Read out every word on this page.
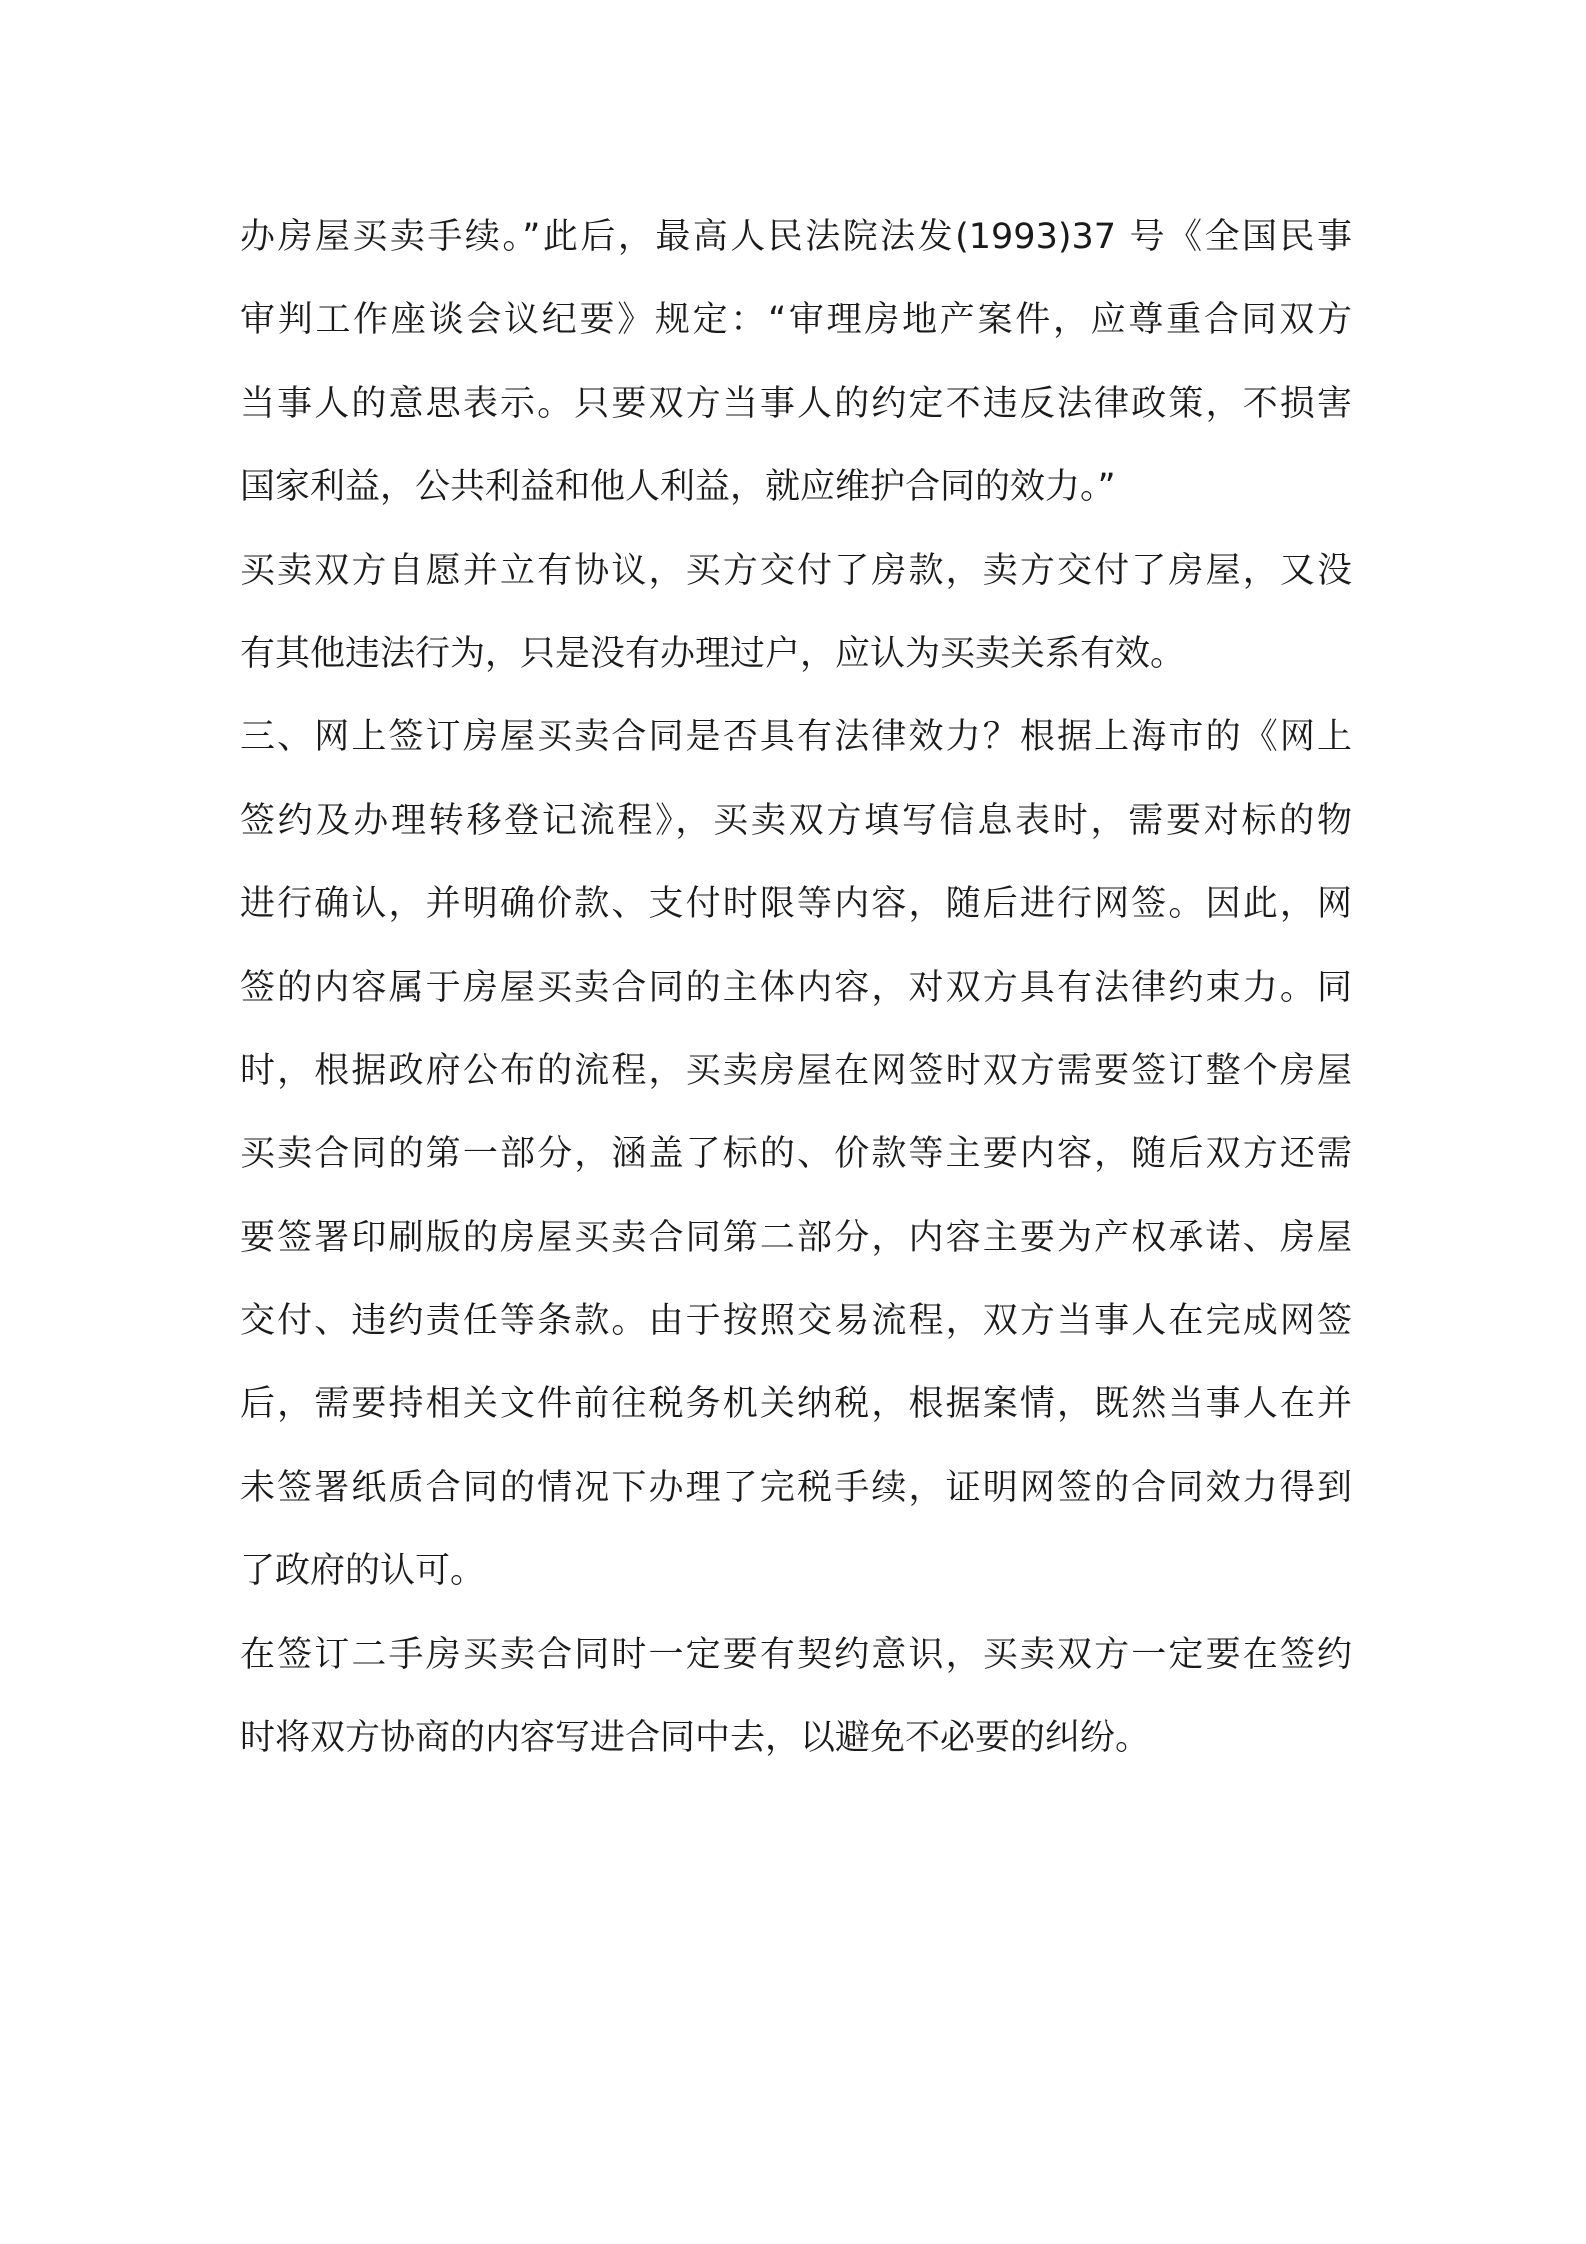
办房屋买卖手续。”此后，最高人民法院法发(1993)37 号《全国民事
审判工作座谈会议纪要》规定：“审理房地产案件，应尊重合同双方
当事人的意思表示。只要双方当事人的约定不违反法律政策，不损害
国家利益，公共利益和他人利益，就应维护合同的效力。”
买卖双方自愿并立有协议，买方交付了房款，卖方交付了房屋，又没
有其他违法行为，只是没有办理过户，应认为买卖关系有效。
三、网上签订房屋买卖合同是否具有法律效力？根据上海市的《网上
签约及办理转移登记流程》，买卖双方填写信息表时，需要对标的物
进行确认，并明确价款、支付时限等内容，随后进行网签。因此，网
签的内容属于房屋买卖合同的主体内容，对双方具有法律约束力。同
时，根据政府公布的流程，买卖房屋在网签时双方需要签订整个房屋
买卖合同的第一部分，涵盖了标的、价款等主要内容，随后双方还需
要签署印刷版的房屋买卖合同第二部分，内容主要为产权承诺、房屋
交付、违约责任等条款。由于按照交易流程，双方当事人在完成网签
后，需要持相关文件前往税务机关纳税，根据案情，既然当事人在并
未签署纸质合同的情况下办理了完税手续，证明网签的合同效力得到
了政府的认可。
在签订二手房买卖合同时一定要有契约意识，买卖双方一定要在签约
时将双方协商的内容写进合同中去，以避免不必要的纠纷。
